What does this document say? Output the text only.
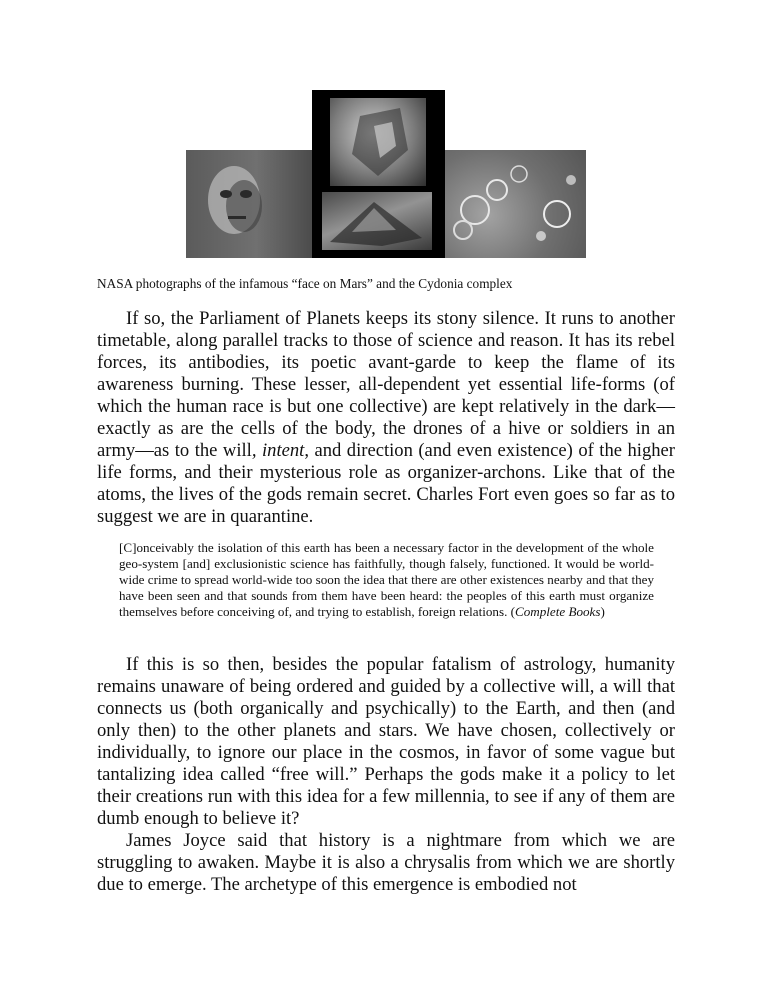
NASA photographs of the infamous “face on Mars” and the Cydonia complex

If so, the Parliament of Planets keeps its stony silence. It runs to another timetable, along parallel tracks to those of science and reason. It has its rebel forces, its antibodies, its poetic avant-garde to keep the flame of its awareness burning. These lesser, all-dependent yet essential life-forms (of which the human race is but one collective) are kept relatively in the dark—exactly as are the cells of the body, the drones of a hive or soldiers in an army—as to the will, intent, and direction (and even existence) of the higher life forms, and their mysterious role as organizer-archons. Like that of the atoms, the lives of the gods remain secret. Charles Fort even goes so far as to suggest we are in quarantine.

[C]onceivably the isolation of this earth has been a necessary factor in the development of the whole geo-system [and] exclusionistic science has faithfully, though falsely, functioned. It would be world-wide crime to spread world-wide too soon the idea that there are other existences nearby and that they have been seen and that sounds from them have been heard: the peoples of this earth must organize themselves before conceiving of, and trying to establish, foreign relations. (Complete Books)

If this is so then, besides the popular fatalism of astrology, humanity remains unaware of being ordered and guided by a collective will, a will that connects us (both organically and psychically) to the Earth, and then (and only then) to the other planets and stars. We have chosen, collectively or individually, to ignore our place in the cosmos, in favor of some vague but tantalizing idea called “free will.” Perhaps the gods make it a policy to let their creations run with this idea for a few millennia, to see if any of them are dumb enough to believe it?

James Joyce said that history is a nightmare from which we are struggling to awaken. Maybe it is also a chrysalis from which we are shortly due to emerge. The archetype of this emergence is embodied not
